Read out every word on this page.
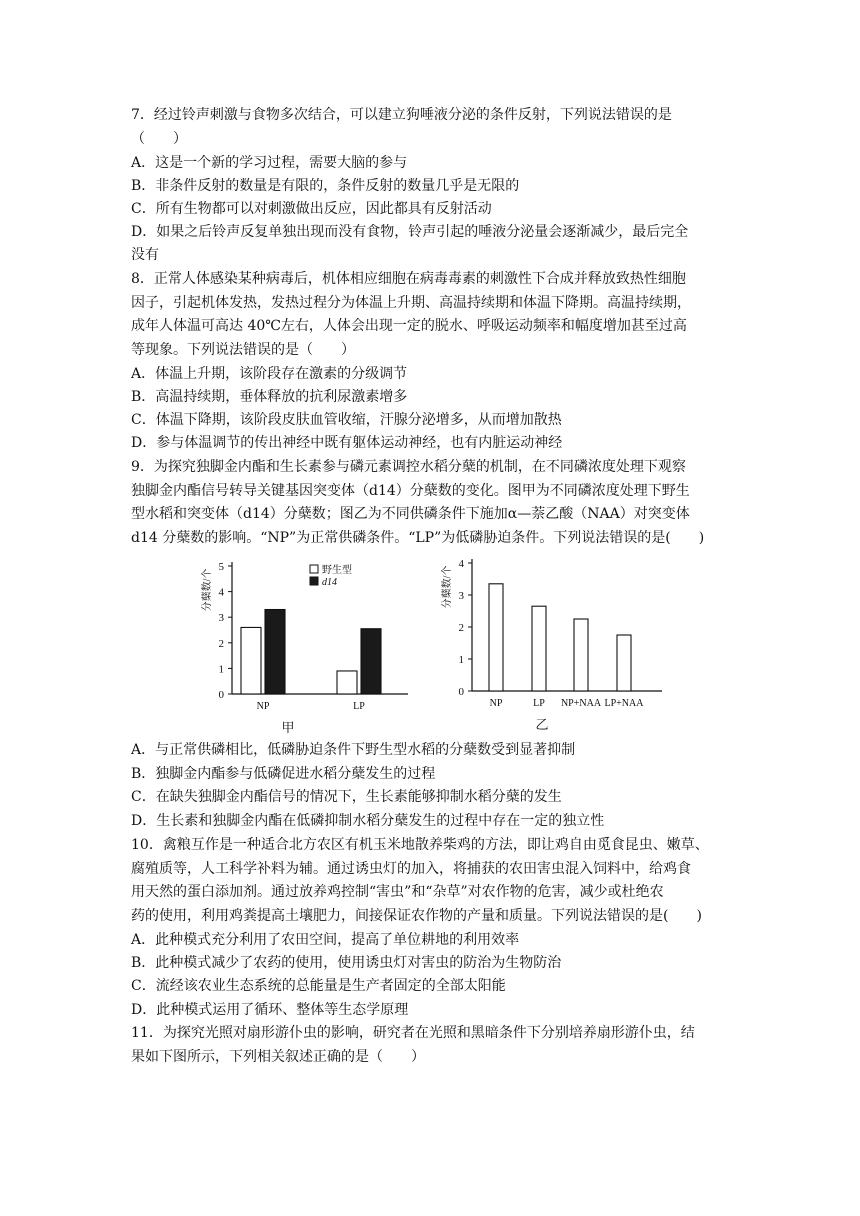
7．经过铃声刺激与食物多次结合，可以建立狗唾液分泌的条件反射，下列说法错误的是
（　　）
A．这是一个新的学习过程，需要大脑的参与
B．非条件反射的数量是有限的，条件反射的数量几乎是无限的
C．所有生物都可以对刺激做出反应，因此都具有反射活动
D．如果之后铃声反复单独出现而没有食物，铃声引起的唾液分泌量会逐渐减少，最后完全
没有
8．正常人体感染某种病毒后，机体相应细胞在病毒毒素的刺激性下合成并释放致热性细胞
因子，引起机体发热，发热过程分为体温上升期、高温持续期和体温下降期。高温持续期，
成年人体温可高达 40℃左右，人体会出现一定的脱水、呼吸运动频率和幅度增加甚至过高
等现象。下列说法错误的是（　　）
A．体温上升期，该阶段存在激素的分级调节
B．高温持续期，垂体释放的抗利尿激素增多
C．体温下降期，该阶段皮肤血管收缩，汗腺分泌增多，从而增加散热
D．参与体温调节的传出神经中既有躯体运动神经，也有内脏运动神经
9．为探究独脚金内酯和生长素参与磷元素调控水稻分蘖的机制，在不同磷浓度处理下观察
独脚金内酯信号转导关键基因突变体（d14）分蘖数的变化。图甲为不同磷浓度处理下野生
型水稻和突变体（d14）分蘖数；图乙为不同供磷条件下施加α—萘乙酸（NAA）对突变体
d14 分蘖数的影响。“NP”为正常供磷条件。“LP”为低磷胁迫条件。下列说法错误的是(　　)
0
1
2
3
4
5
分蘖数/个
NP	LP
甲
野生型
d14
0
1
2
3
4
分蘖数/个
NP	LP NP+NAA LP+NAA
乙
A．与正常供磷相比，低磷胁迫条件下野生型水稻的分蘖数受到显著抑制
B．独脚金内酯参与低磷促进水稻分蘖发生的过程
C．在缺失独脚金内酯信号的情况下，生长素能够抑制水稻分蘖的发生
D．生长素和独脚金内酯在低磷抑制水稻分蘖发生的过程中存在一定的独立性
10．禽粮互作是一种适合北方农区有机玉米地散养柴鸡的方法，即让鸡自由觅食昆虫、嫩草、
腐殖质等，人工科学补料为辅。通过诱虫灯的加入，将捕获的农田害虫混入饲料中，给鸡食
用天然的蛋白添加剂。通过放养鸡控制“害虫”和“杂草”对农作物的危害，减少或杜绝农
药的使用，利用鸡粪提高土壤肥力，间接保证农作物的产量和质量。下列说法错误的是(　　)
A．此种模式充分利用了农田空间，提高了单位耕地的利用效率
B．此种模式减少了农药的使用，使用诱虫灯对害虫的防治为生物防治
C．流经该农业生态系统的总能量是生产者固定的全部太阳能
D．此种模式运用了循环、整体等生态学原理
11．为探究光照对扇形游仆虫的影响，研究者在光照和黑暗条件下分别培养扇形游仆虫，结
果如下图所示，下列相关叙述正确的是（　　）
